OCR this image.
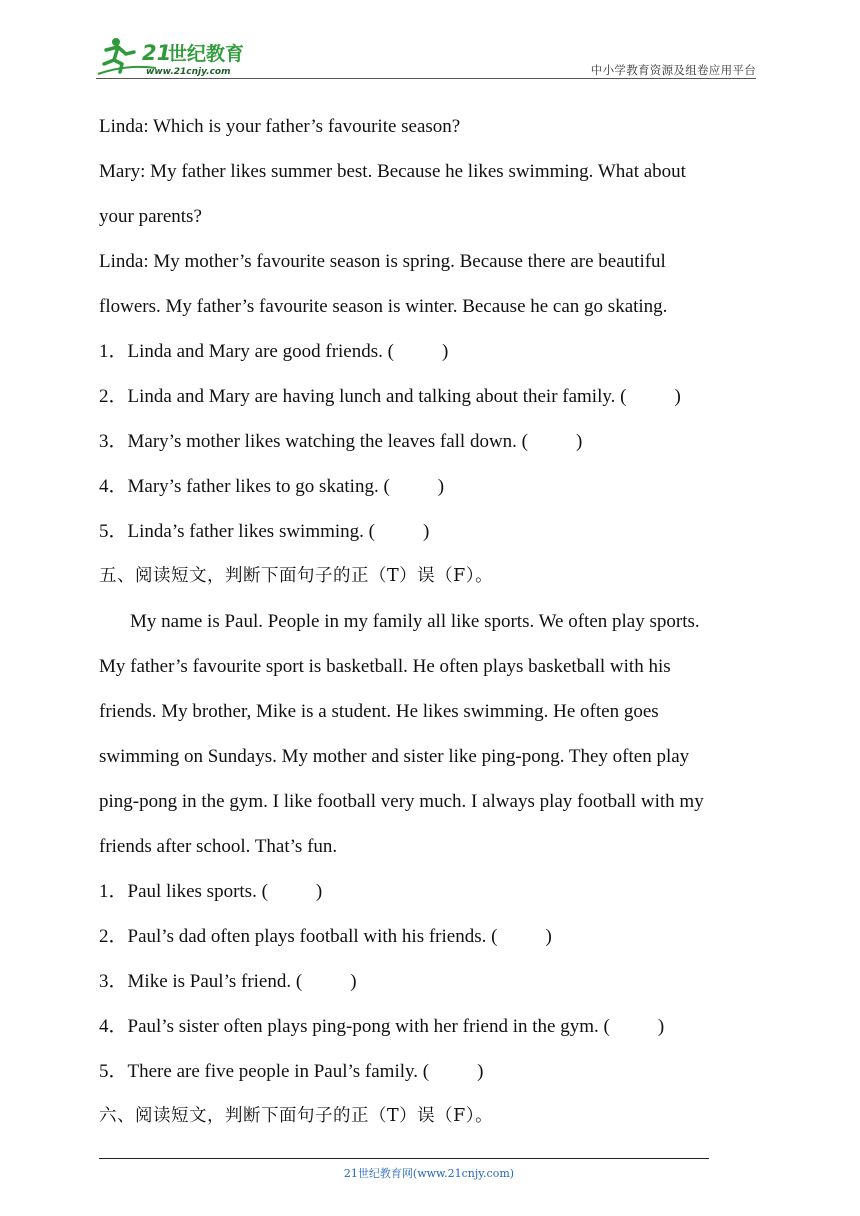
21
世纪教育
www.21cnjy.com	中小学教育资源及组卷应用平台
Linda: Which is your father’s favourite season?
Mary: My father likes summer best. Because he likes swimming. What about
your parents?
Linda: My mother’s favourite season is spring. Because there are beautiful
flowers. My father’s favourite season is winter. Because he can go skating.
1．Linda and Mary are good friends. (	)
2．Linda and Mary are having lunch and talking about their family. (	)
3．Mary’s mother likes watching the leaves fall down. (	)
4．Mary’s father likes to go skating. (	)
5．Linda’s father likes swimming. (	)
五、阅读短文，判断下面句子的正（T）误（F）。
My name is Paul. People in my family all like sports. We often play sports.
My father’s favourite sport is basketball. He often plays basketball with his
friends. My brother, Mike is a student. He likes swimming. He often goes
swimming on Sundays. My mother and sister like ping-pong. They often play
ping-pong in the gym. I like football very much. I always play football with my
friends after school. That’s fun.
1．Paul likes sports. (	)
2．Paul’s dad often plays football with his friends. (	)
3．Mike is Paul’s friend. (	)
4．Paul’s sister often plays ping-pong with her friend in the gym. (	)
5．There are five people in Paul’s family. (	)
六、阅读短文，判断下面句子的正（T）误（F）。
21世纪教育网(www.21cnjy.com)
